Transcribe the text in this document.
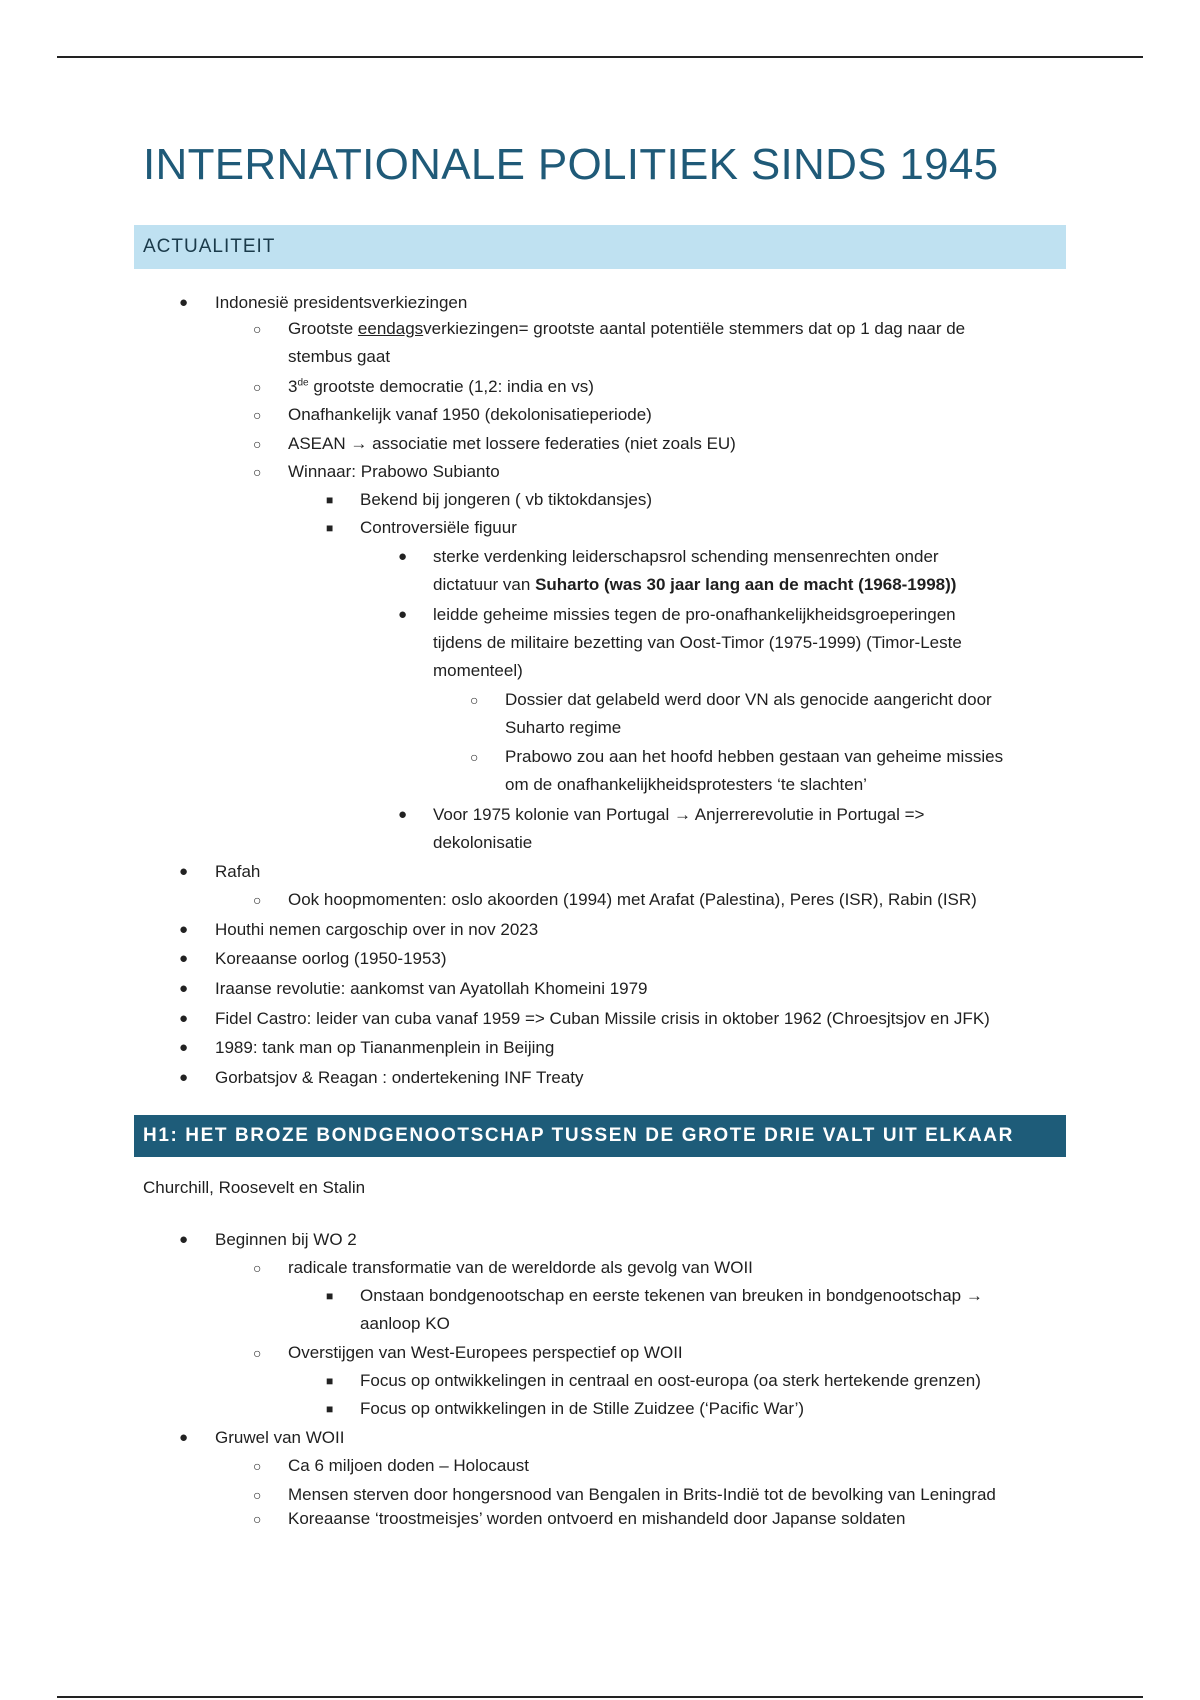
INTERNATIONALE POLITIEK SINDS 1945
ACTUALITEIT
● Indonesië presidentsverkiezingen
○ Grootste eendagsverkiezingen= grootste aantal potentiële stemmers dat op 1 dag naar de
stembus gaat
○ 3de grootste democratie (1,2: india en vs)
○ Onafhankelijk vanaf 1950 (dekolonisatieperiode)
○ ASEAN → associatie met lossere federaties (niet zoals EU)
○ Winnaar: Prabowo Subianto
■ Bekend bij jongeren ( vb tiktokdansjes)
■ Controversiële figuur
● sterke verdenking leiderschapsrol schending mensenrechten onder
dictatuur van Suharto (was 30 jaar lang aan de macht (1968-1998))
● leidde geheime missies tegen de pro-onafhankelijkheidsgroeperingen
tijdens de militaire bezetting van Oost-Timor (1975-1999) (Timor-Leste
momenteel)
○ Dossier dat gelabeld werd door VN als genocide aangericht door
Suharto regime
○ Prabowo zou aan het hoofd hebben gestaan van geheime missies
om de onafhankelijkheidsprotesters ‘te slachten’
● Voor 1975 kolonie van Portugal → Anjerrerevolutie in Portugal =>
dekolonisatie
● Rafah
○ Ook hoopmomenten: oslo akoorden (1994) met Arafat (Palestina), Peres (ISR), Rabin (ISR)
● Houthi nemen cargoschip over in nov 2023
● Koreaanse oorlog (1950-1953)
● Iraanse revolutie: aankomst van Ayatollah Khomeini 1979
● Fidel Castro: leider van cuba vanaf 1959 => Cuban Missile crisis in oktober 1962 (Chroesjtsjov en JFK)
● 1989: tank man op Tiananmenplein in Beijing
● Gorbatsjov & Reagan : ondertekening INF Treaty
H1: HET BROZE BONDGENOOTSCHAP TUSSEN DE GROTE DRIE VALT UIT ELKAAR
Churchill, Roosevelt en Stalin
● Beginnen bij WO 2
○ radicale transformatie van de wereldorde als gevolg van WOII
■ Onstaan bondgenootschap en eerste tekenen van breuken in bondgenootschap →
aanloop KO
○ Overstijgen van West-Europees perspectief op WOII
■ Focus op ontwikkelingen in centraal en oost-europa (oa sterk hertekende grenzen)
■ Focus op ontwikkelingen in de Stille Zuidzee (‘Pacific War’)
● Gruwel van WOII
○ Ca 6 miljoen doden – Holocaust
○ Mensen sterven door hongersnood van Bengalen in Brits-Indië tot de bevolking van Leningrad
○ Koreaanse ‘troostmeisjes’ worden ontvoerd en mishandeld door Japanse soldaten
